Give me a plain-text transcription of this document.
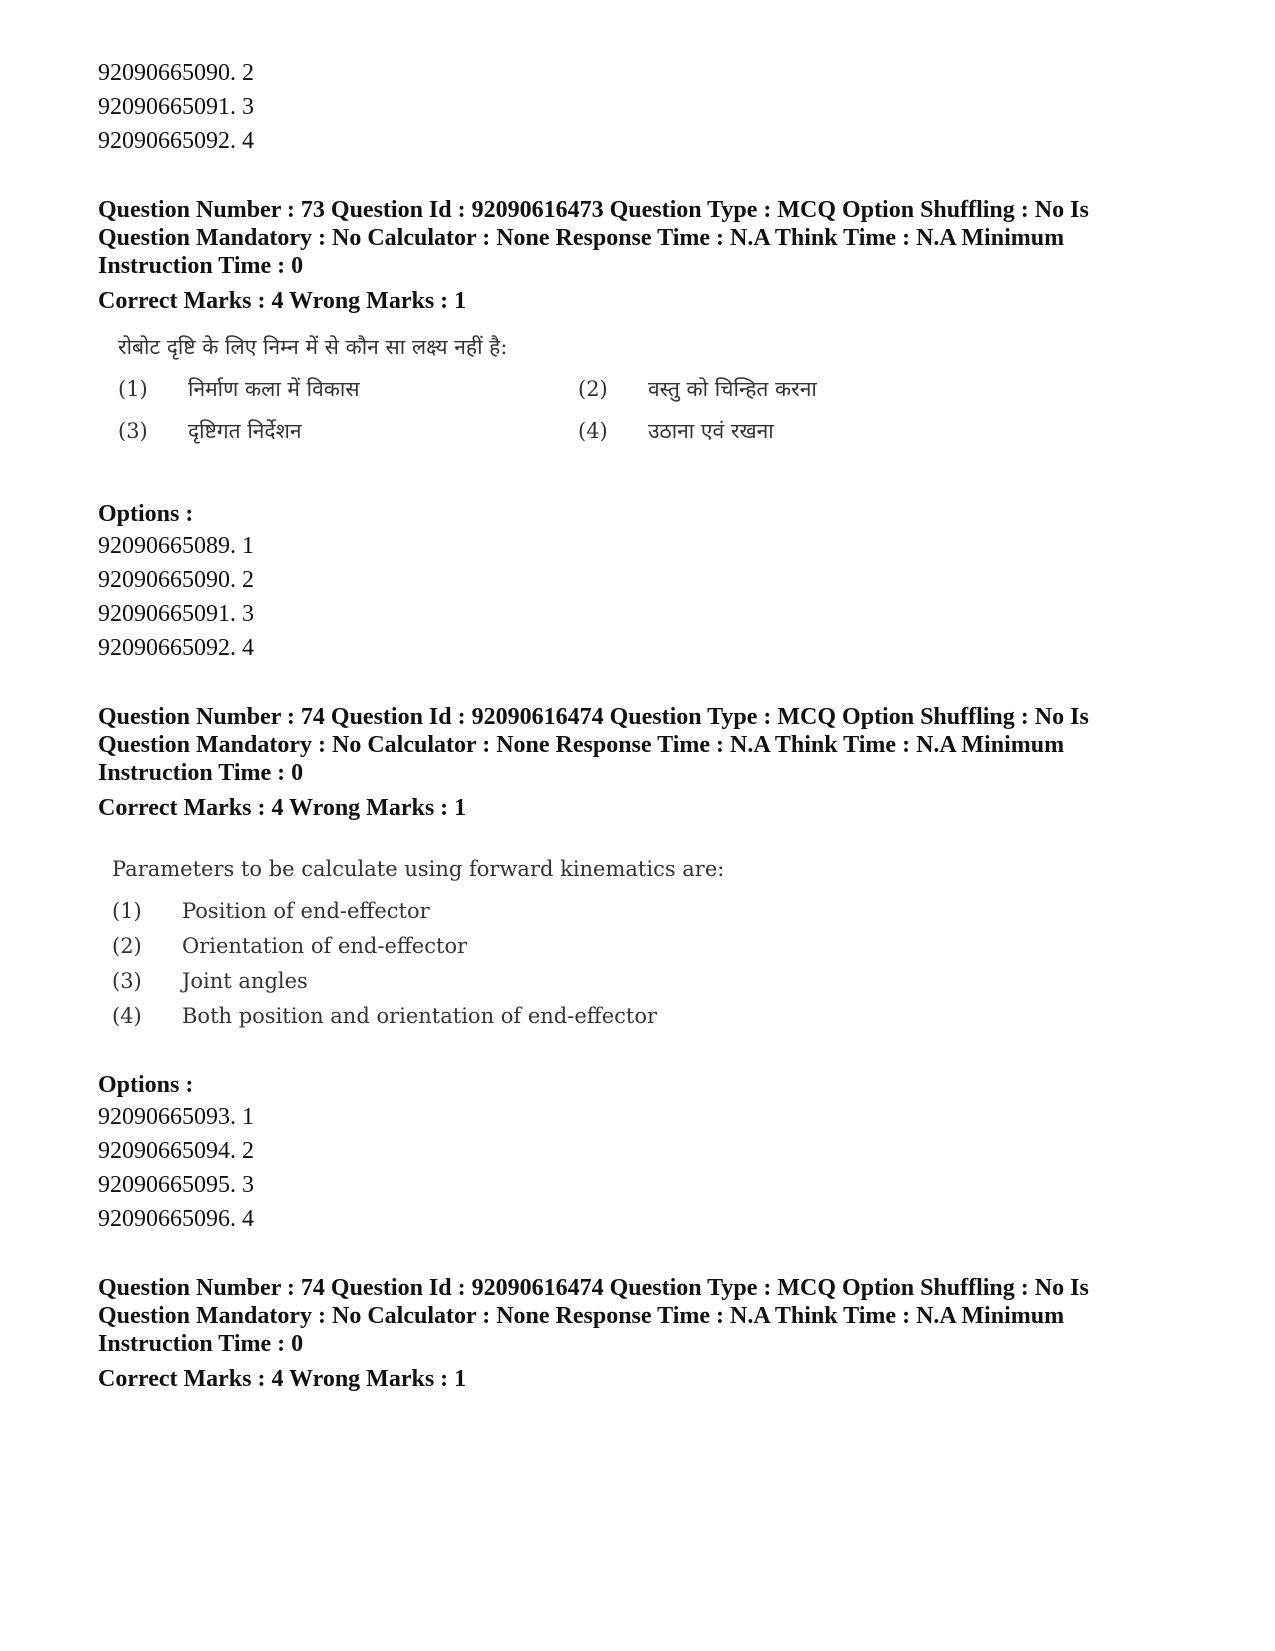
92090665090. 2
92090665091. 3
92090665092. 4
Question Number : 73 Question Id : 92090616473 Question Type : MCQ Option Shuffling : No Is
Question Mandatory : No Calculator : None Response Time : N.A Think Time : N.A Minimum
Instruction Time : 0
Correct Marks : 4 Wrong Marks : 1
रोबोट दृष्टि के लिए निम्न में से कौन सा लक्ष्य नहीं है:
(1)	निर्माण कला में विकास	(2)	वस्तु को चिन्हित करना
(3)	दृष्टिगत निर्देशन	(4)	उठाना एवं रखना
Options :
92090665089. 1
92090665090. 2
92090665091. 3
92090665092. 4
Question Number : 74 Question Id : 92090616474 Question Type : MCQ Option Shuffling : No Is
Question Mandatory : No Calculator : None Response Time : N.A Think Time : N.A Minimum
Instruction Time : 0
Correct Marks : 4 Wrong Marks : 1
Parameters to be calculate using forward kinematics are:
(1)	Position of end-effector
(2)	Orientation of end-effector
(3)	Joint angles
(4)	Both position and orientation of end-effector
Options :
92090665093. 1
92090665094. 2
92090665095. 3
92090665096. 4
Question Number : 74 Question Id : 92090616474 Question Type : MCQ Option Shuffling : No Is
Question Mandatory : No Calculator : None Response Time : N.A Think Time : N.A Minimum
Instruction Time : 0
Correct Marks : 4 Wrong Marks : 1
